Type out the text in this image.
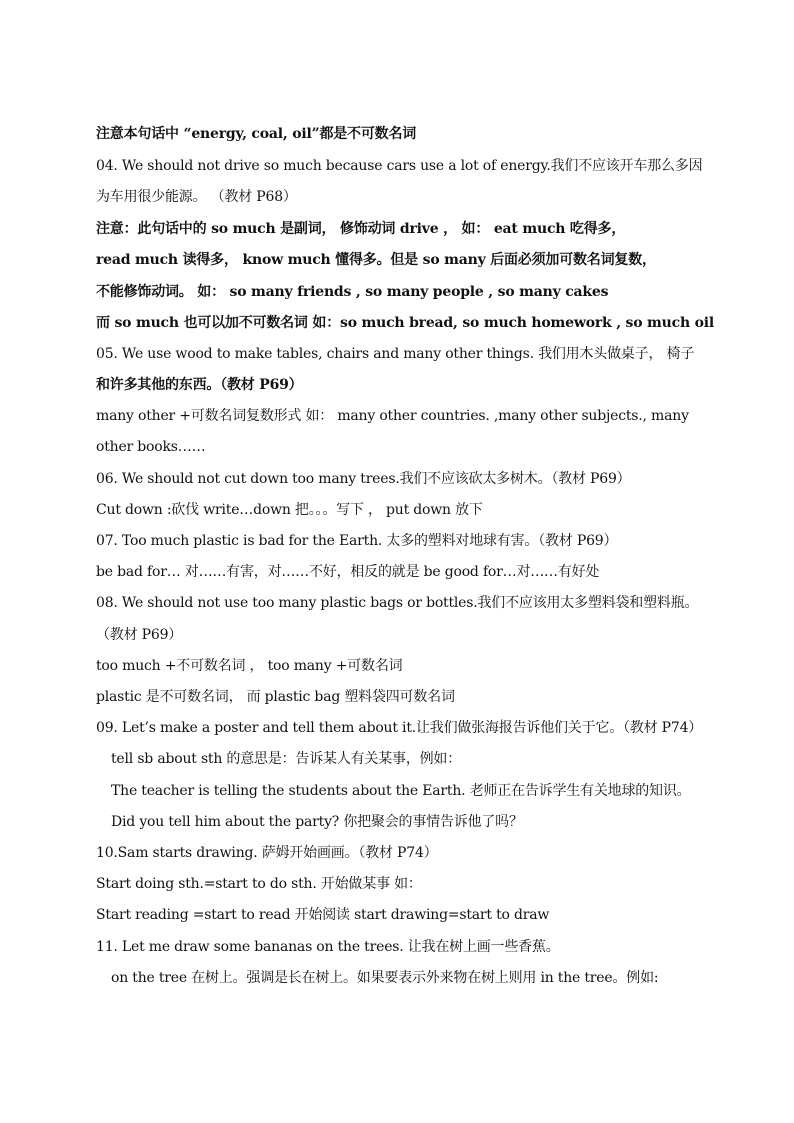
注意本句话中 “energy, coal, oil”都是不可数名词
04. We should not drive so much because cars use a lot of energy.我们不应该开车那么多因
为车用很少能源。 （教材 P68）
注意：此句话中的 so much 是副词， 修饰动词 drive ， 如： eat much 吃得多，
read much 读得多， know much 懂得多。但是 so many 后面必须加可数名词复数，
不能修饰动词。 如： so many friends , so many people , so many cakes
而 so much 也可以加不可数名词 如：so much bread, so much homework , so much oil
05. We use wood to make tables, chairs and many other things. 我们用木头做桌子， 椅子
和许多其他的东西。（教材 P69）
many other +可数名词复数形式 如： many other countries. ,many other subjects., many
other books……
06. We should not cut down too many trees.我们不应该砍太多树木。（教材 P69）
Cut down :砍伐 write…down 把。。。写下 ， put down 放下
07. Too much plastic is bad for the Earth. 太多的塑料对地球有害。（教材 P69）
be bad for… 对……有害，对……不好，相反的就是 be good for…对……有好处
08. We should not use too many plastic bags or bottles.我们不应该用太多塑料袋和塑料瓶。
（教材 P69）
too much +不可数名词 ， too many +可数名词
plastic 是不可数名词， 而 plastic bag 塑料袋四可数名词
09. Let’s make a poster and tell them about it.让我们做张海报告诉他们关于它。（教材 P74）
tell sb about sth 的意思是：告诉某人有关某事，例如：
The teacher is telling the students about the Earth. 老师正在告诉学生有关地球的知识。
Did you tell him about the party? 你把聚会的事情告诉他了吗？
10.Sam starts drawing. 萨姆开始画画。（教材 P74）
Start doing sth.=start to do sth. 开始做某事 如：
Start reading =start to read 开始阅读 start drawing=start to draw
11. Let me draw some bananas on the trees. 让我在树上画一些香蕉。
on the tree 在树上。强调是长在树上。如果要表示外来物在树上则用 in the tree。例如:
